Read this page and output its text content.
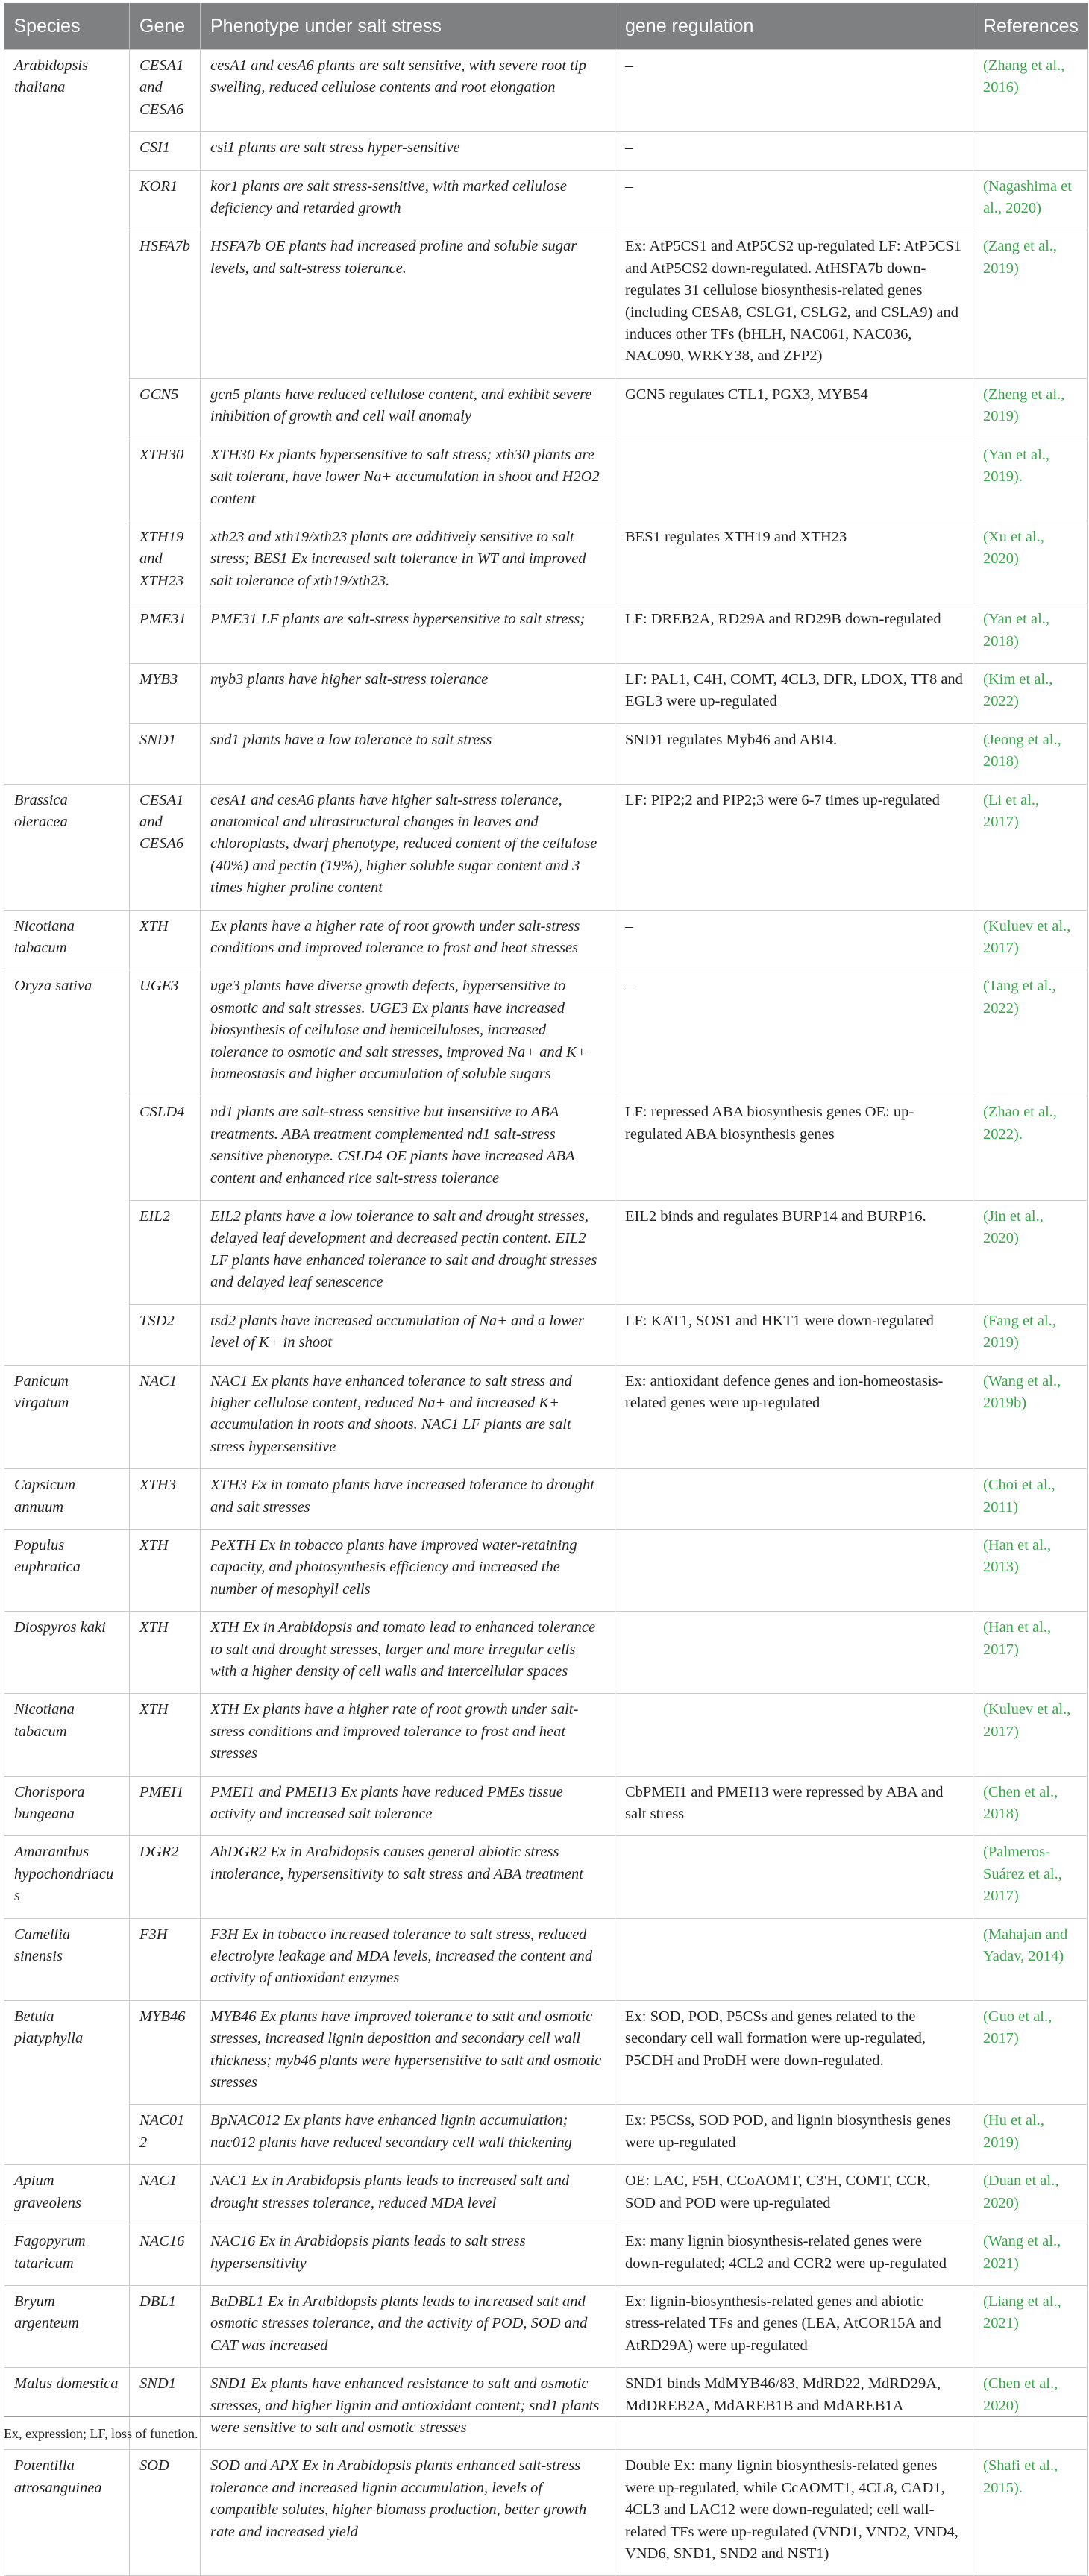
Species	Gene	Phenotype under salt stress	gene regulation	References
Arabidopsis thaliana	CESA1 and CESA6	cesA1 and cesA6 plants are salt sensitive, with severe root tip swelling, reduced cellulose contents and root elongation	–	(Zhang et al., 2016)
	CSI1	csi1 plants are salt stress hyper-sensitive	–	
	KOR1	kor1 plants are salt stress-sensitive, with marked cellulose deficiency and retarded growth	–	(Nagashima et al., 2020)
	HSFA7b	HSFA7b OE plants had increased proline and soluble sugar levels, and salt-stress tolerance.	Ex: AtP5CS1 and AtP5CS2 up-regulated LF: AtP5CS1 and AtP5CS2 down-regulated. AtHSFA7b down-regulates 31 cellulose biosynthesis-related genes (including CESA8, CSLG1, CSLG2, and CSLA9) and induces other TFs (bHLH, NAC061, NAC036, NAC090, WRKY38, and ZFP2)	(Zang et al., 2019)
	GCN5	gcn5 plants have reduced cellulose content, and exhibit severe inhibition of growth and cell wall anomaly	GCN5 regulates CTL1, PGX3, MYB54	(Zheng et al., 2019)
	XTH30	XTH30 Ex plants hypersensitive to salt stress; xth30 plants are salt tolerant, have lower Na+ accumulation in shoot and H2O2 content		(Yan et al., 2019).
	XTH19 and XTH23	xth23 and xth19/xth23 plants are additively sensitive to salt stress; BES1 Ex increased salt tolerance in WT and improved salt tolerance of xth19/xth23.	BES1 regulates XTH19 and XTH23	(Xu et al., 2020)
	PME31	PME31 LF plants are salt-stress hypersensitive to salt stress;	LF: DREB2A, RD29A and RD29B down-regulated	(Yan et al., 2018)
	MYB3	myb3 plants have higher salt-stress tolerance	LF: PAL1, C4H, COMT, 4CL3, DFR, LDOX, TT8 and EGL3 were up-regulated	(Kim et al., 2022)
	SND1	snd1 plants have a low tolerance to salt stress	SND1 regulates Myb46 and ABI4.	(Jeong et al., 2018)
Brassica oleracea	CESA1 and CESA6	cesA1 and cesA6 plants have higher salt-stress tolerance, anatomical and ultrastructural changes in leaves and chloroplasts, dwarf phenotype, reduced content of the cellulose (40%) and pectin (19%), higher soluble sugar content and 3 times higher proline content	LF: PIP2;2 and PIP2;3 were 6-7 times up-regulated	(Li et al., 2017)
Nicotiana tabacum	XTH	Ex plants have a higher rate of root growth under salt-stress conditions and improved tolerance to frost and heat stresses	–	(Kuluev et al., 2017)
Oryza sativa	UGE3	uge3 plants have diverse growth defects, hypersensitive to osmotic and salt stresses. UGE3 Ex plants have increased biosynthesis of cellulose and hemicelluloses, increased tolerance to osmotic and salt stresses, improved Na+ and K+ homeostasis and higher accumulation of soluble sugars	–	(Tang et al., 2022)
	CSLD4	nd1 plants are salt-stress sensitive but insensitive to ABA treatments. ABA treatment complemented nd1 salt-stress sensitive phenotype. CSLD4 OE plants have increased ABA content and enhanced rice salt-stress tolerance	LF: repressed ABA biosynthesis genes OE: up-regulated ABA biosynthesis genes	(Zhao et al., 2022).
	EIL2	EIL2 plants have a low tolerance to salt and drought stresses, delayed leaf development and decreased pectin content. EIL2 LF plants have enhanced tolerance to salt and drought stresses and delayed leaf senescence	EIL2 binds and regulates BURP14 and BURP16.	(Jin et al., 2020)
	TSD2	tsd2 plants have increased accumulation of Na+ and a lower level of K+ in shoot	LF: KAT1, SOS1 and HKT1 were down-regulated	(Fang et al., 2019)
Panicum virgatum	NAC1	NAC1 Ex plants have enhanced tolerance to salt stress and higher cellulose content, reduced Na+ and increased K+ accumulation in roots and shoots. NAC1 LF plants are salt stress hypersensitive	Ex: antioxidant defence genes and ion-homeostasis-related genes were up-regulated	(Wang et al., 2019b)
Capsicum annuum	XTH3	XTH3 Ex in tomato plants have increased tolerance to drought and salt stresses		(Choi et al., 2011)
Populus euphratica	XTH	PeXTH Ex in tobacco plants have improved water-retaining capacity, and photosynthesis efficiency and increased the number of mesophyll cells		(Han et al., 2013)
Diospyros kaki	XTH	XTH Ex in Arabidopsis and tomato lead to enhanced tolerance to salt and drought stresses, larger and more irregular cells with a higher density of cell walls and intercellular spaces		(Han et al., 2017)
Nicotiana tabacum	XTH	XTH Ex plants have a higher rate of root growth under salt-stress conditions and improved tolerance to frost and heat stresses		(Kuluev et al., 2017)
Chorispora bungeana	PMEI1	PMEI1 and PMEI13 Ex plants have reduced PMEs tissue activity and increased salt tolerance	CbPMEI1 and PMEI13 were repressed by ABA and salt stress	(Chen et al., 2018)
Amaranthus hypochondriacus	DGR2	AhDGR2 Ex in Arabidopsis causes general abiotic stress intolerance, hypersensitivity to salt stress and ABA treatment		(Palmeros-Suárez et al., 2017)
Camellia sinensis	F3H	F3H Ex in tobacco increased tolerance to salt stress, reduced electrolyte leakage and MDA levels, increased the content and activity of antioxidant enzymes		(Mahajan and Yadav, 2014)
Betula platyphylla	MYB46	MYB46 Ex plants have improved tolerance to salt and osmotic stresses, increased lignin deposition and secondary cell wall thickness; myb46 plants were hypersensitive to salt and osmotic stresses	Ex: SOD, POD, P5CSs and genes related to the secondary cell wall formation were up-regulated, P5CDH and ProDH were down-regulated.	(Guo et al., 2017)
	NAC012	BpNAC012 Ex plants have enhanced lignin accumulation; nac012 plants have reduced secondary cell wall thickening	Ex: P5CSs, SOD POD, and lignin biosynthesis genes were up-regulated	(Hu et al., 2019)
Apium graveolens	NAC1	NAC1 Ex in Arabidopsis plants leads to increased salt and drought stresses tolerance, reduced MDA level	OE: LAC, F5H, CCoAOMT, C3'H, COMT, CCR, SOD and POD were up-regulated	(Duan et al., 2020)
Fagopyrum tataricum	NAC16	NAC16 Ex in Arabidopsis plants leads to salt stress hypersensitivity	Ex: many lignin biosynthesis-related genes were down-regulated; 4CL2 and CCR2 were up-regulated	(Wang et al., 2021)
Bryum argenteum	DBL1	BaDBL1 Ex in Arabidopsis plants leads to increased salt and osmotic stresses tolerance, and the activity of POD, SOD and CAT was increased	Ex: lignin-biosynthesis-related genes and abiotic stress-related TFs and genes (LEA, AtCOR15A and AtRD29A) were up-regulated	(Liang et al., 2021)
Malus domestica	SND1	SND1 Ex plants have enhanced resistance to salt and osmotic stresses, and higher lignin and antioxidant content; snd1 plants were sensitive to salt and osmotic stresses	SND1 binds MdMYB46/83, MdRD22, MdRD29A, MdDREB2A, MdAREB1B and MdAREB1A	(Chen et al., 2020)
Potentilla atrosanguinea	SOD	SOD and APX Ex in Arabidopsis plants enhanced salt-stress tolerance and increased lignin accumulation, levels of compatible solutes, higher biomass production, better growth rate and increased yield	Double Ex: many lignin biosynthesis-related genes were up-regulated, while CcAOMT1, 4CL8, CAD1, 4CL3 and LAC12 were down-regulated; cell wall-related TFs were up-regulated (VND1, VND2, VND4, VND6, SND1, SND2 and NST1)	(Shafi et al., 2015).
Ex, expression; LF, loss of function.
